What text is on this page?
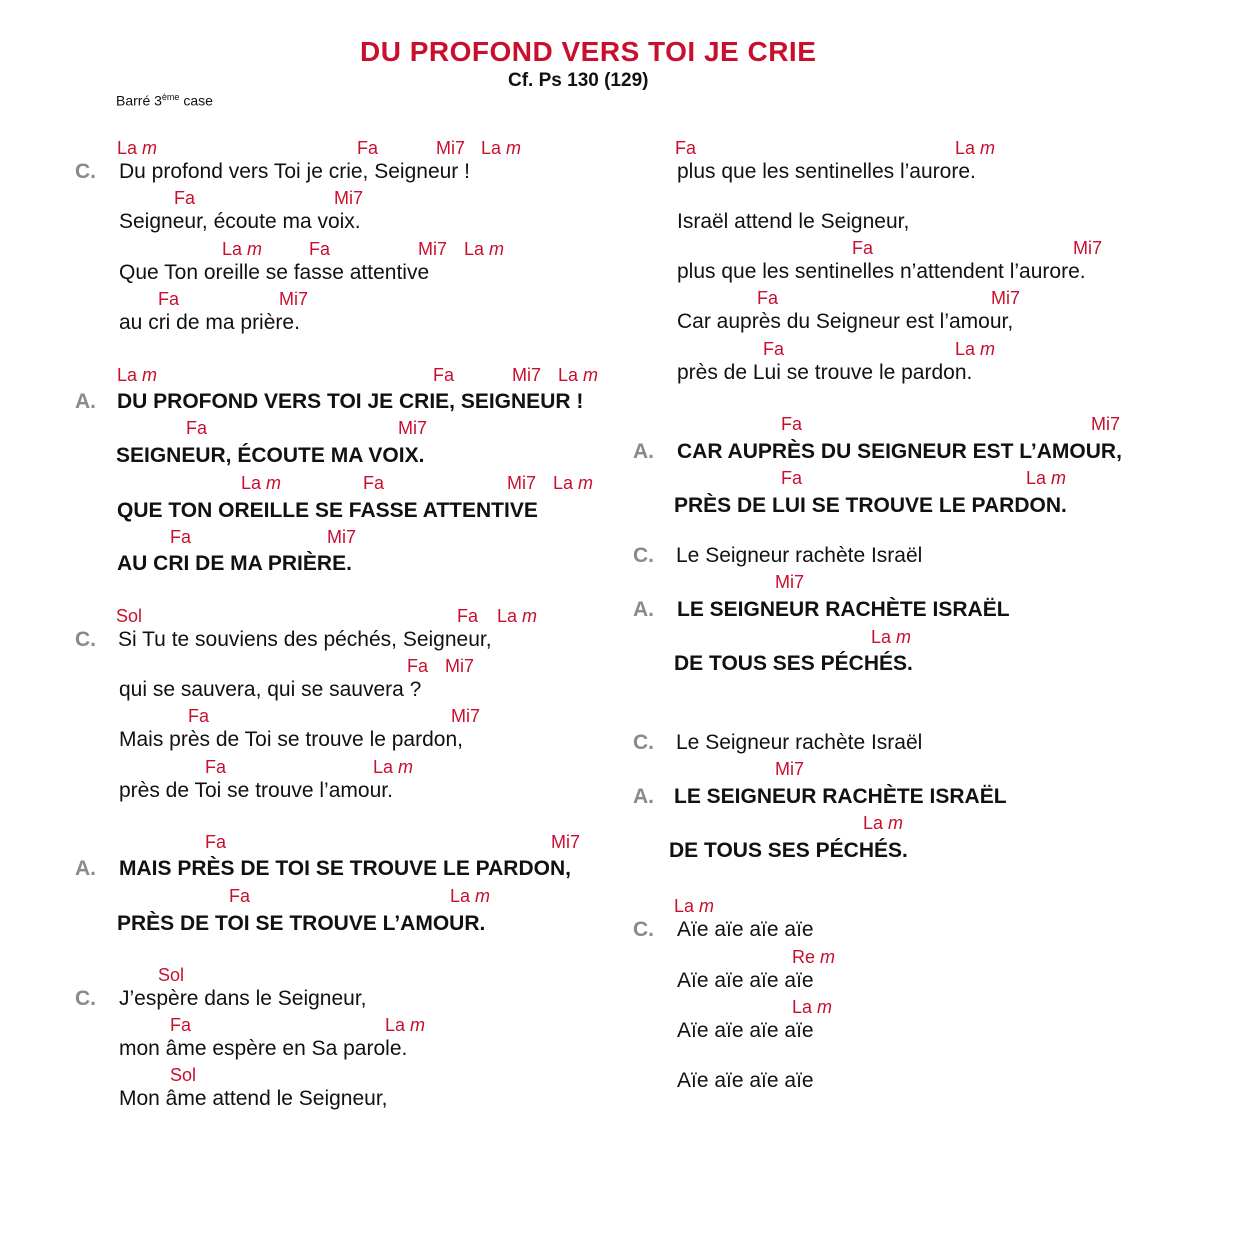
DU PROFOND VERS TOI JE CRIE
Cf. Ps 130 (129)
Barré 3ème case
La m	Fa	Mi7 La m
C. Du profond vers Toi je crie, Seigneur !
Fa	Mi7
Seigneur, écoute ma voix.
La m	Fa	Mi7 La m
Que Ton oreille se fasse attentive
Fa	Mi7
au cri de ma prière.
La m	Fa	Mi7 La m
A. DU PROFOND VERS TOI JE CRIE, SEIGNEUR !
Fa	Mi7
SEIGNEUR, ÉCOUTE MA VOIX.
La m	Fa	Mi7 La m
QUE TON OREILLE SE FASSE ATTENTIVE
Fa	Mi7
AU CRI DE MA PRIÈRE.
Sol	Fa La m
C. Si Tu te souviens des péchés, Seigneur,
Fa Mi7
qui se sauvera, qui se sauvera ?
Fa	Mi7
Mais près de Toi se trouve le pardon,
Fa	La m
près de Toi se trouve l’amour.
Fa	Mi7
A. MAIS PRÈS DE TOI SE TROUVE LE PARDON,
Fa	La m
PRÈS DE TOI SE TROUVE L’AMOUR.
Sol
C. J’espère dans le Seigneur,
Fa	La m
mon âme espère en Sa parole.
Sol
Mon âme attend le Seigneur,
Fa	La m
plus que les sentinelles l’aurore.
Israël attend le Seigneur,
Fa	Mi7
plus que les sentinelles n’attendent l’aurore.
Fa	Mi7
Car auprès du Seigneur est l’amour,
Fa	La m
près de Lui se trouve le pardon.
Fa	Mi7
A. CAR AUPRÈS DU SEIGNEUR EST L’AMOUR,
Fa	La m
PRÈS DE LUI SE TROUVE LE PARDON.
C. Le Seigneur rachète Israël
Mi7
A. LE SEIGNEUR RACHÈTE ISRAËL
La m
DE TOUS SES PÉCHÉS.
C. Le Seigneur rachète Israël
Mi7
A. LE SEIGNEUR RACHÈTE ISRAËL
La m
DE TOUS SES PÉCHÉS.
La m
C. Aïe aïe aïe aïe
Re m
Aïe aïe aïe aïe
La m
Aïe aïe aïe aïe
Aïe aïe aïe aïe
